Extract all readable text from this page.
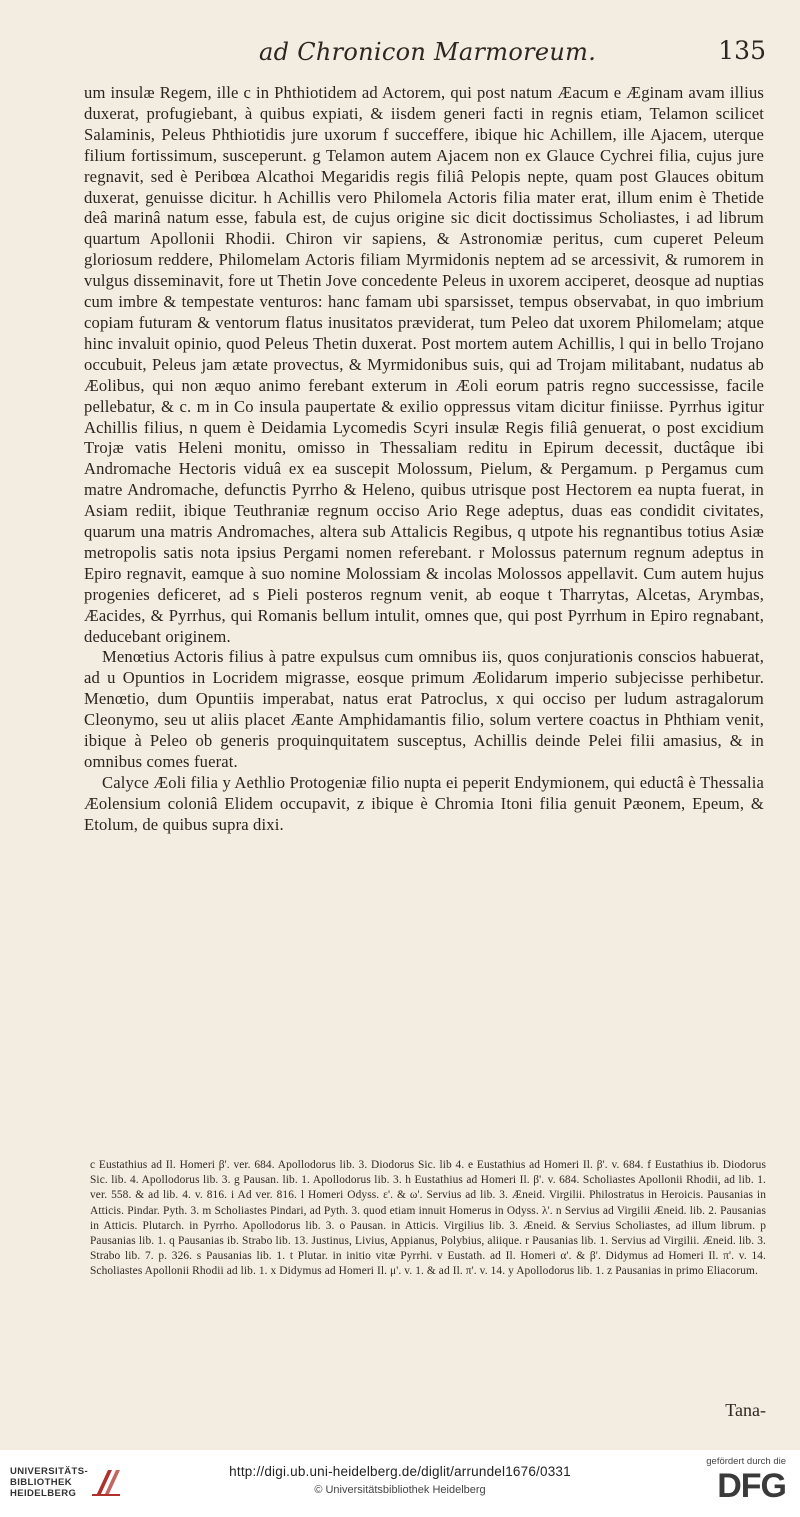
ad Chronicon Marmoreum.	135

um insulæ Regem, ille c in Phthiotidem ad Actorem, qui post natum Æacum e Æginam avam illius duxerat, profugiebant, à quibus expiati, & iisdem generi facti in regnis etiam, Telamon scilicet Salaminis, Peleus Phthiotidis jure uxorum f succeffere, ibique hic Achillem, ille Ajacem, uterque filium fortissimum, susceperunt. g Telamon autem Ajacem non ex Glauce Cychrei filia, cujus jure regnavit, sed è Peribœa Alcathoi Megaridis regis filiâ Pelopis nepte, quam post Glauces obitum duxerat, genuisse dicitur. h Achillis vero Philomela Actoris filia mater erat, illum enim è Thetide deâ marinâ natum esse, fabula est, de cujus origine sic dicit doctissimus Scholiastes, i ad librum quartum Apollonii Rhodii. Chiron vir sapiens, & Astronomiæ peritus, cum cuperet Peleum gloriosum reddere, Philomelam Actoris filiam Myrmidonis neptem ad se arcessivit, & rumorem in vulgus disseminavit, fore ut Thetin Jove concedente Peleus in uxorem acciperet, deosque ad nuptias cum imbre & tempestate venturos: hanc famam ubi sparsisset, tempus observabat, in quo imbrium copiam futuram & ventorum flatus inusitatos præviderat, tum Peleo dat uxorem Philomelam; atque hinc invaluit opinio, quod Peleus Thetin duxerat. Post mortem autem Achillis, l qui in bello Trojano occubuit, Peleus jam ætate provectus, & Myrmidonibus suis, qui ad Trojam militabant, nudatus ab Æolibus, qui non æquo animo ferebant exterum in Æoli eorum patris regno successisse, facile pellebatur, & c. m in Co insula paupertate & exilio oppressus vitam dicitur finiisse. Pyrrhus igitur Achillis filius, n quem è Deidamia Lycomedis Scyri insulæ Regis filiâ genuerat, o post excidium Trojæ vatis Heleni monitu, omisso in Thessaliam reditu in Epirum decessit, ductâque ibi Andromache Hectoris viduâ ex ea suscepit Molossum, Pielum, & Pergamum. p Pergamus cum matre Andromache, defunctis Pyrrho & Heleno, quibus utrisque post Hectorem ea nupta fuerat, in Asiam rediit, ibique Teuthraniæ regnum occiso Ario Rege adeptus, duas eas condidit civitates, quarum una matris Andromaches, altera sub Attalicis Regibus, q utpote his regnantibus totius Asiæ metropolis satis nota ipsius Pergami nomen referebant. r Molossus paternum regnum adeptus in Epiro regnavit, eamque à suo nomine Molossiam & incolas Molossos appellavit. Cum autem hujus progenies deficeret, ad s Pieli posteros regnum venit, ab eoque t Tharrytas, Alcetas, Arymbas, Æacides, & Pyrrhus, qui Romanis bellum intulit, omnes que, qui post Pyrrhum in Epiro regnabant, deducebant originem.

Menœtius Actoris filius à patre expulsus cum omnibus iis, quos conjurationis conscios habuerat, ad u Opuntios in Locridem migrasse, eosque primum Æolidarum imperio subjecisse perhibetur. Menœtio, dum Opuntiis imperabat, natus erat Patroclus, x qui occiso per ludum astragalorum Cleonymo, seu ut aliis placet Æante Amphidamantis filio, solum vertere coactus in Phthiam venit, ibique à Peleo ob generis proquinquitatem susceptus, Achillis deinde Pelei filii amasius, & in omnibus comes fuerat.

Calyce Æoli filia y Aethlio Protogeniæ filio nupta ei peperit Endymionem, qui eductâ è Thessalia Æolensium coloniâ Elidem occupavit, z ibique è Chromia Itoni filia genuit Pæonem, Epeum, & Etolum, de quibus supra dixi.

c Eustathius ad Il. Homeri β'. ver. 684. Apollodorus lib. 3. Diodorus Sic. lib 4. e Eustathius ad Homeri Il. β'. v. 684. f Eustathius ib. Diodorus Sic. lib. 4. Apollodorus lib. 3. g Pausan. lib. 1. Apollodorus lib. 3. h Eustathius ad Homeri Il. β'. v. 684. Scholiastes Apollonii Rhodii, ad lib. 1. ver. 558. & ad lib. 4. v. 816. i Ad ver. 816. l Homeri Odyss. ε'. & ω'. Servius ad lib. 3. Æneid. Virgilii. Philostratus in Heroicis. Pausanias in Atticis. Pindar. Pyth. 3. m Scholiastes Pindari, ad Pyth. 3. quod etiam innuit Homerus in Odyss. λ'. n Servius ad Virgilii Æneid. lib. 2. Pausanias in Atticis. Plutarch. in Pyrrho. Apollodorus lib. 3. o Pausan. in Atticis. Virgilius lib. 3. Æneid. & Servius Scholiastes, ad illum librum. p Pausanias lib. 1. q Pausanias ib. Strabo lib. 13. Justinus, Livius, Appianus, Polybius, aliique. r Pausanias lib. 1. Servius ad Virgilii. Æneid. lib. 3. Strabo lib. 7. p. 326. s Pausanias lib. 1. t Plutar. in initio vitæ Pyrrhi. v Eustath. ad Il. Homeri α'. & β'. Didymus ad Homeri Il. π'. v. 14. Scholiastes Apollonii Rhodii ad lib. 1. x Didymus ad Homeri Il. μ'. v. 1. & ad Il. π'. v. 14. y Apollodorus lib. 1. z Pausanias in primo Eliacorum.
Tana-
UNIVERSITÄTS-
BIBLIOTHEK
HEIDELBERG
http://digi.ub.uni-heidelberg.de/diglit/arrundel1676/0331
© Universitätsbibliothek Heidelberg
gefördert durch die
DFG
